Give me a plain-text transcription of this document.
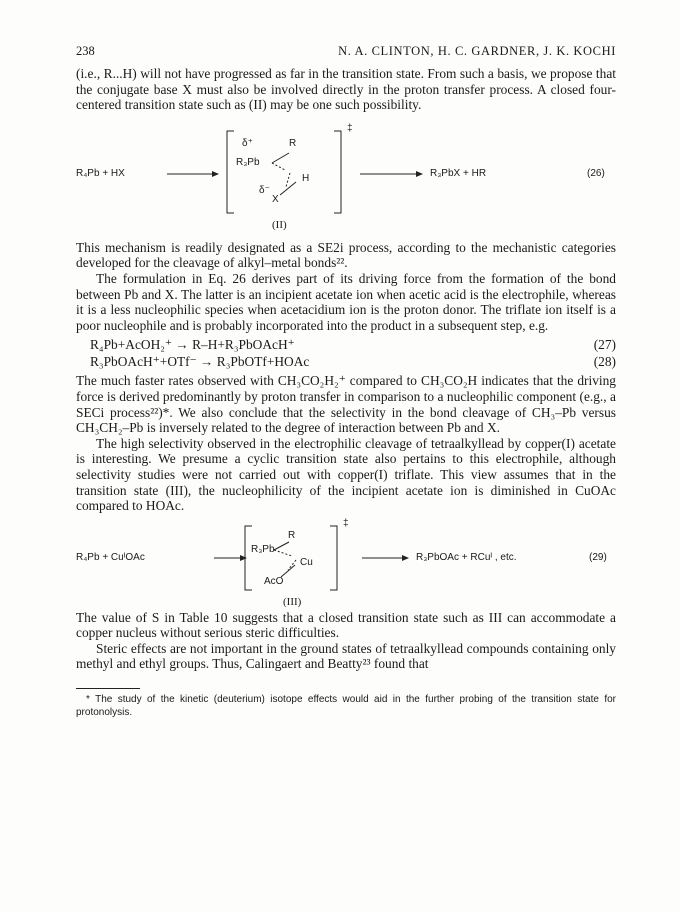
238	N. A. CLINTON, H. C. GARDNER, J. K. KOCHI

(i.e., R...H) will not have progressed as far in the transition state. From such a basis, we propose that the conjugate base X must also be involved directly in the proton transfer process. A closed four-centered transition state such as (II) may be one such possibility.

R₄Pb + HX
δ⁺	R
R₃Pb
H
δ⁻
X
‡
R₃PbX + HR	(26)
(II)

This mechanism is readily designated as a SE2i process, according to the mechanistic categories developed for the cleavage of alkyl–metal bonds²².

The formulation in Eq. 26 derives part of its driving force from the formation of the bond between Pb and X. The latter is an incipient acetate ion when acetic acid is the electrophile, whereas it is a less nucleophilic species when acetacidium ion is the proton donor. The triflate ion itself is a poor nucleophile and is probably incorporated into the product in a subsequent step, e.g.

R₄Pb+AcOH₂⁺ → R–H+R₃PbOAcH⁺	(27)
R₃PbOAcH⁺+OTf⁻ → R₃PbOTf+HOAc	(28)

The much faster rates observed with CH₃CO₂H₂⁺ compared to CH₃CO₂H indicates that the driving force is derived predominantly by proton transfer in comparison to a nucleophilic component (e.g., a SECi process²²)*. We also conclude that the selectivity in the bond cleavage of CH₃–Pb versus CH₃CH₂–Pb is inversely related to the degree of interaction between Pb and X.

The high selectivity observed in the electrophilic cleavage of tetraalkyllead by copper(I) acetate is interesting. We presume a cyclic transition state also pertains to this electrophile, although selectivity studies were not carried out with copper(I) triflate. This view assumes that in the transition state (III), the nucleophilicity of the incipient acetate ion is diminished in CuOAc compared to HOAc.

R₄Pb + CuᴵOAc
R
R₃Pb
Cu
AcO
‡
R₃PbOAc + RCuᴵ , etc.	(29)
(III)

The value of S in Table 10 suggests that a closed transition state such as III can accommodate a copper nucleus without serious steric difficulties.

Steric effects are not important in the ground states of tetraalkyllead compounds containing only methyl and ethyl groups. Thus, Calingaert and Beatty²³ found that

* The study of the kinetic (deuterium) isotope effects would aid in the further probing of the transition state for protonolysis.
